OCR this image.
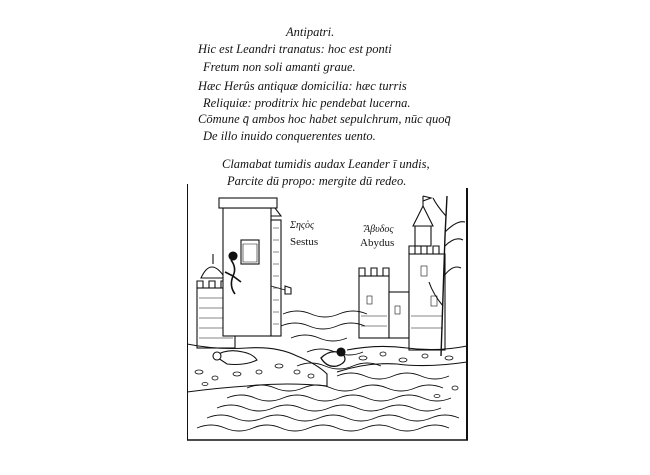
Antipatri.
Hic est Leandri tranatus: hoc est ponti
Fretum non soli amanti graue.
Hæc Herûs antiquæ domicilia: hæc turris
Reliquiæ: proditrix hic pendebat lucerna.
Cōmune q̄ ambos hoc habet sepulchrum, nūc quoq̄
De illo inuido conquerentes uento.
Clamabat tumidis audax Leander ī undis,
Parcite dū propo: mergite dū redeo.
Σηςὸς
Sestus
Ἄβυδος
Abydus
